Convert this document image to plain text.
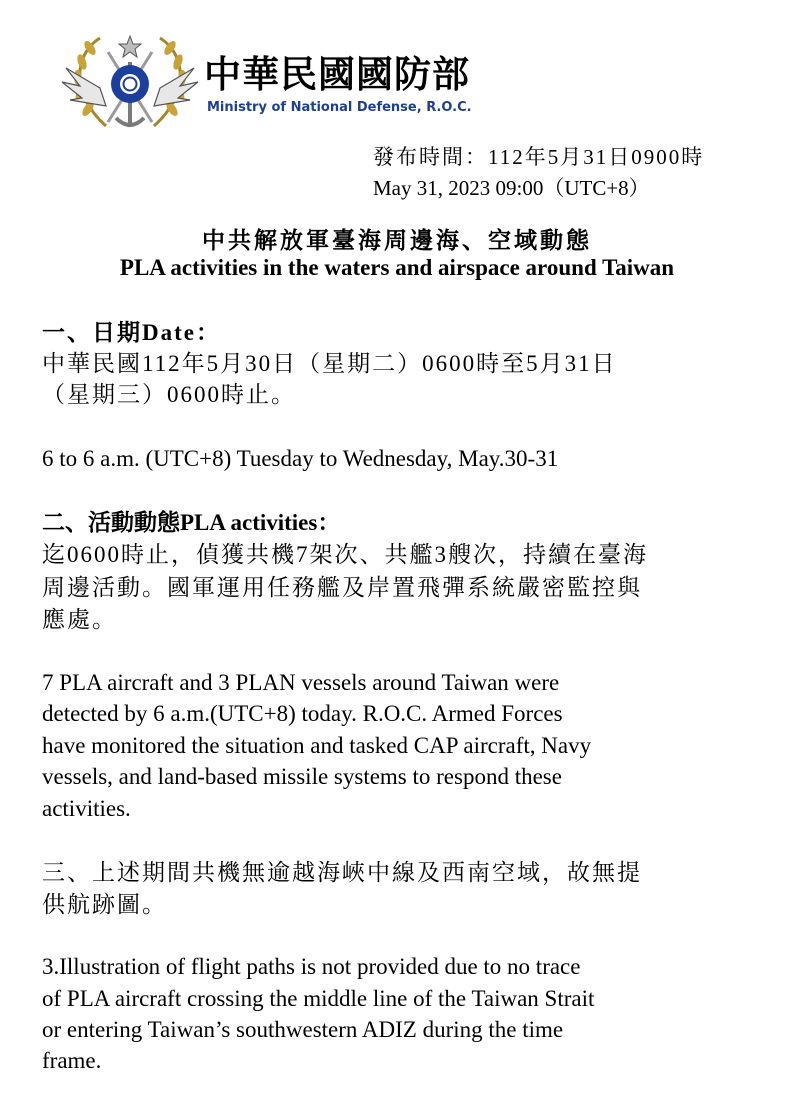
中華民國國防部
Ministry of National Defense, R.O.C.
發布時間：112年5月31日0900時
May 31, 2023 09:00（UTC+8）
中共解放軍臺海周邊海、空域動態
PLA activities in the waters and airspace around Taiwan
一、日期Date：
中華民國112年5月30日（星期二）0600時至5月31日
（星期三）0600時止。
6 to 6 a.m. (UTC+8) Tuesday to Wednesday, May.30-31
二、活動動態PLA activities：
迄0600時止，偵獲共機7架次、共艦3艘次，持續在臺海
周邊活動。國軍運用任務艦及岸置飛彈系統嚴密監控與
應處。
7 PLA aircraft and 3 PLAN vessels around Taiwan were
detected by 6 a.m.(UTC+8) today. R.O.C. Armed Forces
have monitored the situation and tasked CAP aircraft, Navy
vessels, and land-based missile systems to respond these
activities.
三、上述期間共機無逾越海峽中線及西南空域，故無提
供航跡圖。
3.Illustration of flight paths is not provided due to no trace
of PLA aircraft crossing the middle line of the Taiwan Strait
or entering Taiwan’s southwestern ADIZ during the time
frame.
